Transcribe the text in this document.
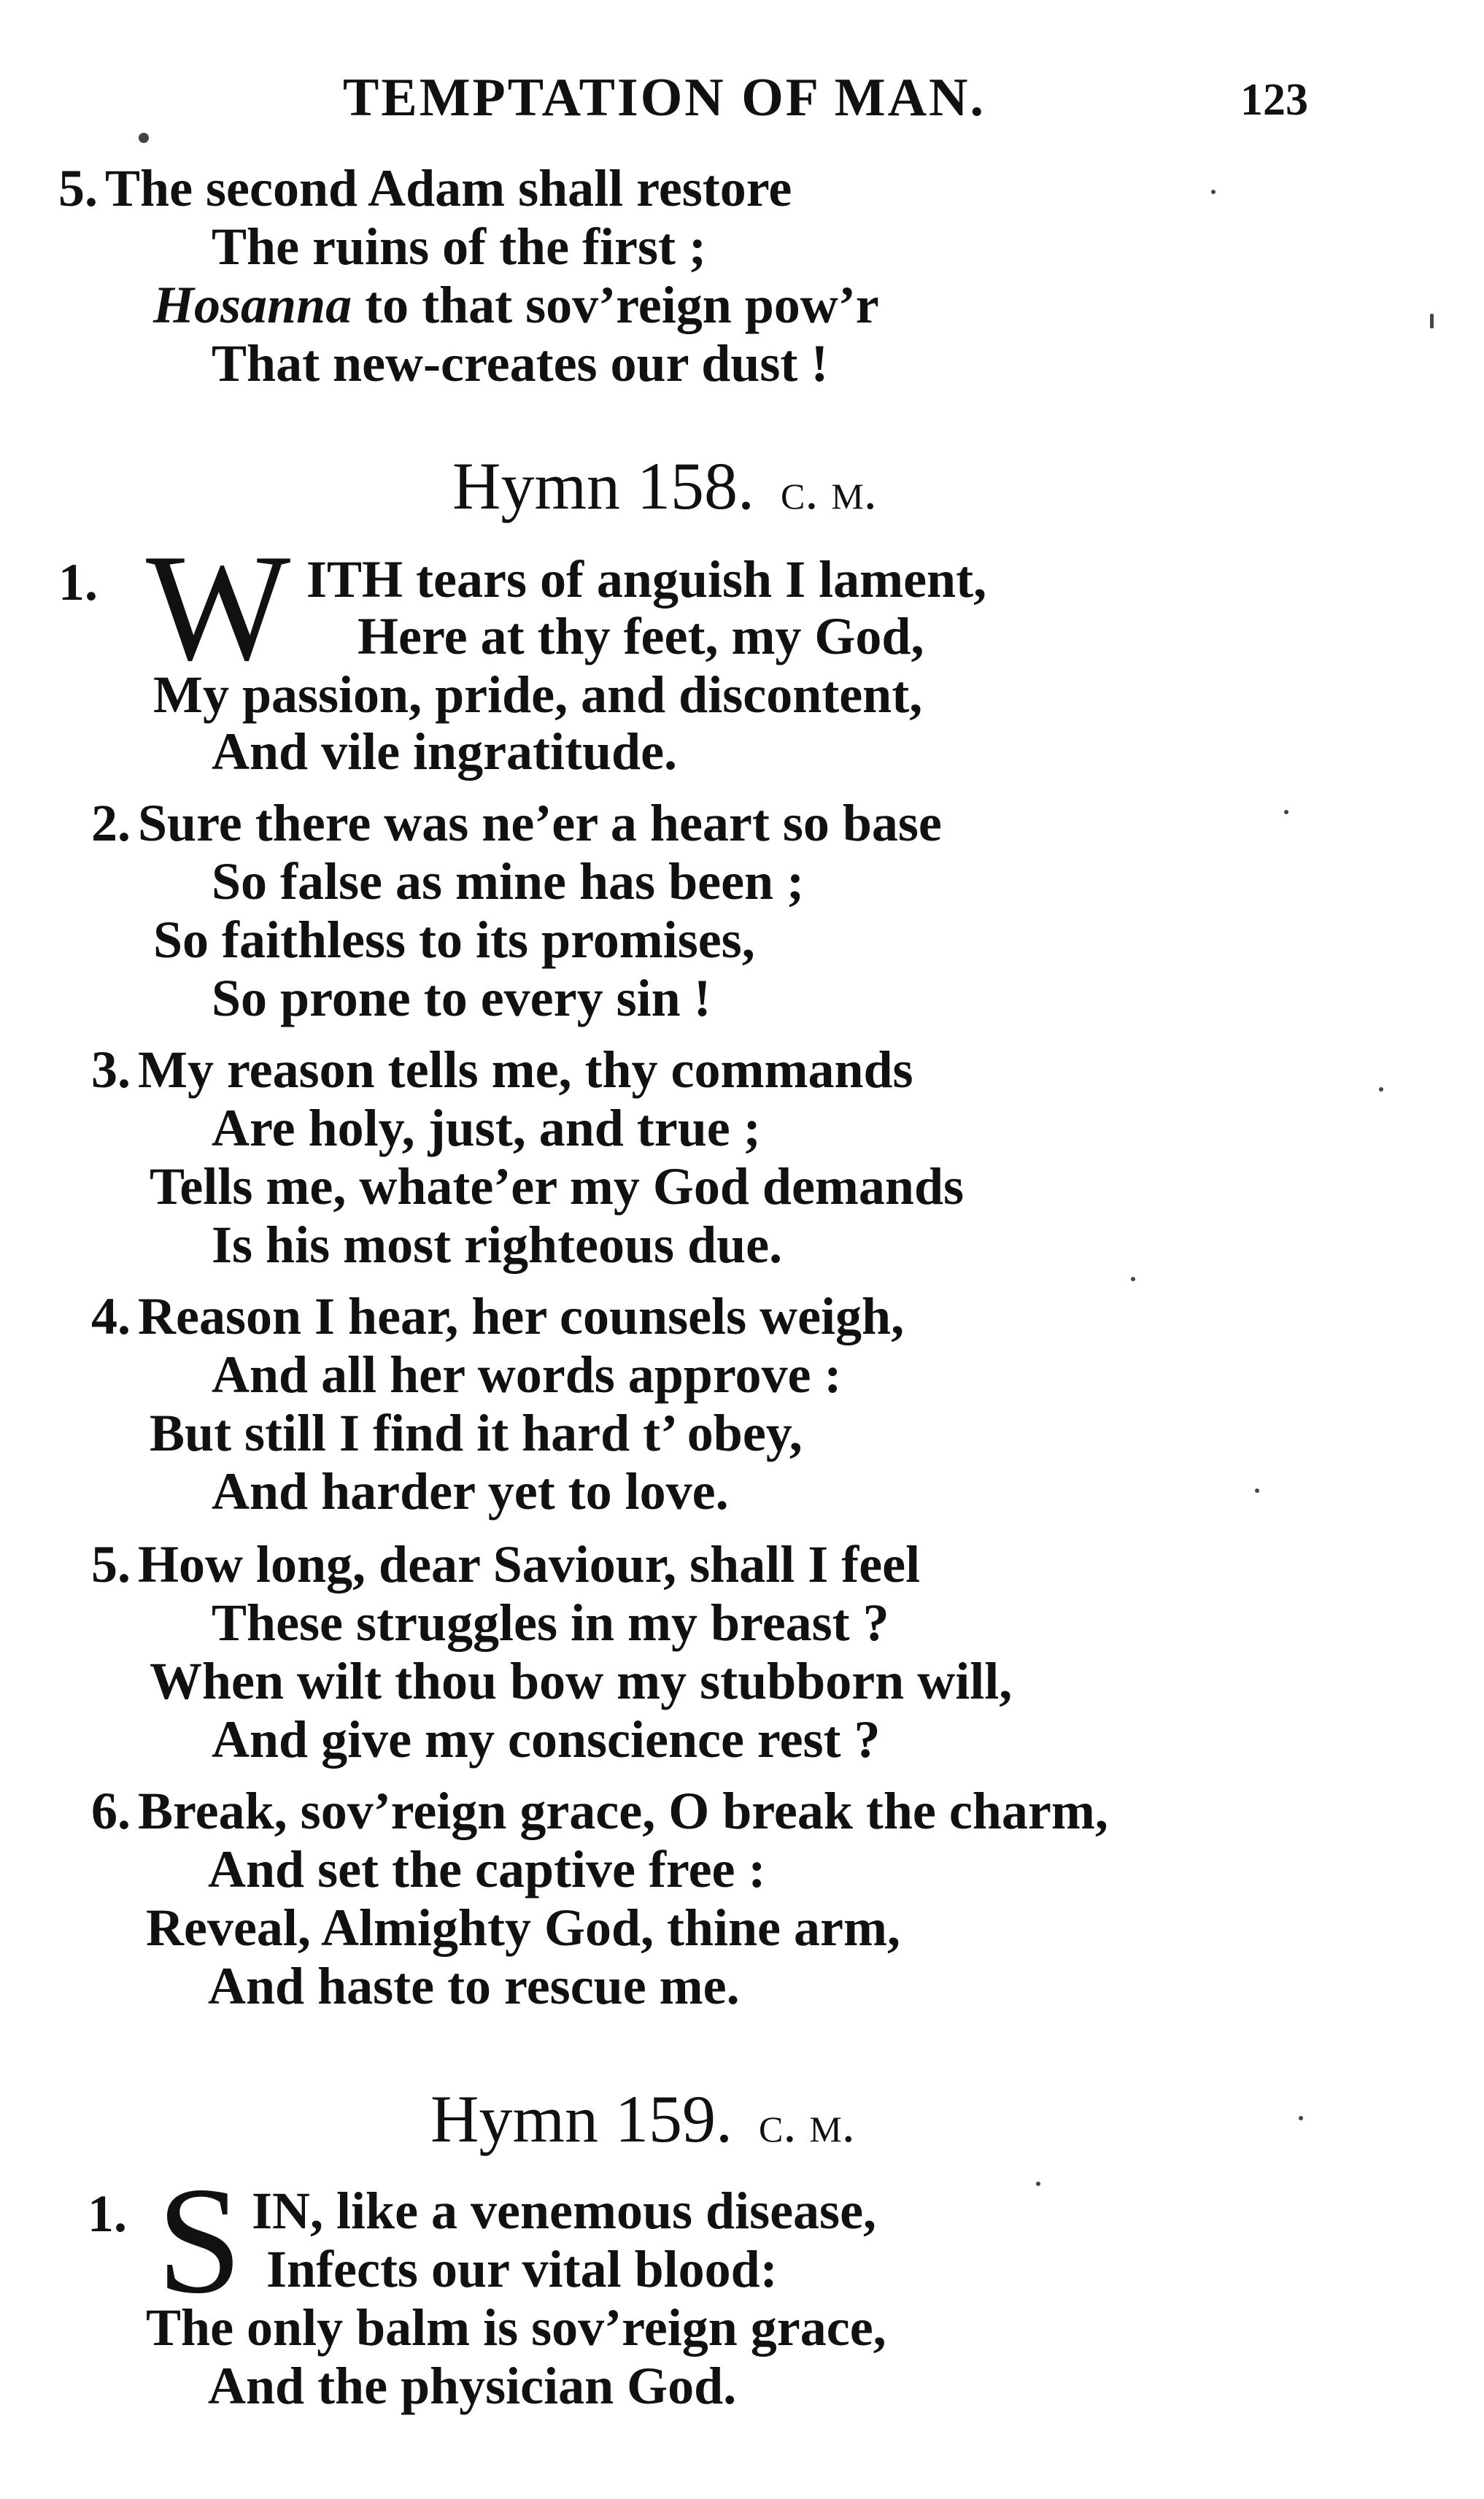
TEMPTATION OF MAN.	123
5. The second Adam shall restore
The ruins of the first ;
Hosanna to that sov’reign pow’r
That new-creates our dust !
Hymn 158. c. m.
1. W ITH tears of anguish I lament,
Here at thy feet, my God,
My passion, pride, and discontent,
And vile ingratitude.
2. Sure there was ne’er a heart so base
So false as mine has been ;
So faithless to its promises,
So prone to every sin !
3. My reason tells me, thy commands
Are holy, just, and true ;
Tells me, whate’er my God demands
Is his most righteous due.
4. Reason I hear, her counsels weigh,
And all her words approve :
But still I find it hard t’ obey,
And harder yet to love.
5. How long, dear Saviour, shall I feel
These struggles in my breast ?
When wilt thou bow my stubborn will,
And give my conscience rest ?
6. Break, sov’reign grace, O break the charm,
And set the captive free :
Reveal, Almighty God, thine arm,
And haste to rescue me.
Hymn 159. c. m.
1. S IN, like a venemous disease,
Infects our vital blood:
The only balm is sov’reign grace,
And the physician God.
